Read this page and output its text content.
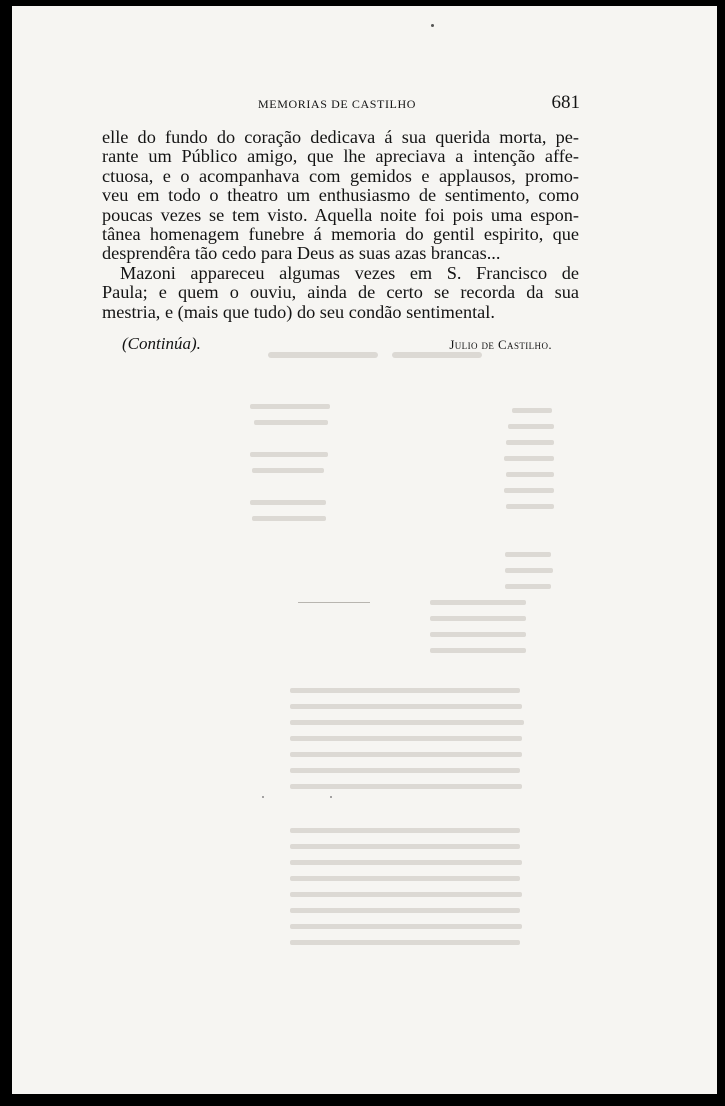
MEMORIAS DE CASTILHO	681
elle do fundo do coração dedicava á sua querida morta, pe-
rante um Público amigo, que lhe apreciava a intenção affe-
ctuosa, e o acompanhava com gemidos e applausos, promo-
veu em todo o theatro um enthusiasmo de sentimento, como
poucas vezes se tem visto. Aquella noite foi pois uma espon-
tânea homenagem funebre á memoria do gentil espirito, que
desprendêra tão cedo para Deus as suas azas brancas...
Mazoni appareceu algumas vezes em S. Francisco de
Paula; e quem o ouviu, ainda de certo se recorda da sua
mestria, e (mais que tudo) do seu condão sentimental.
(Continúa).	Julio de Castilho.
